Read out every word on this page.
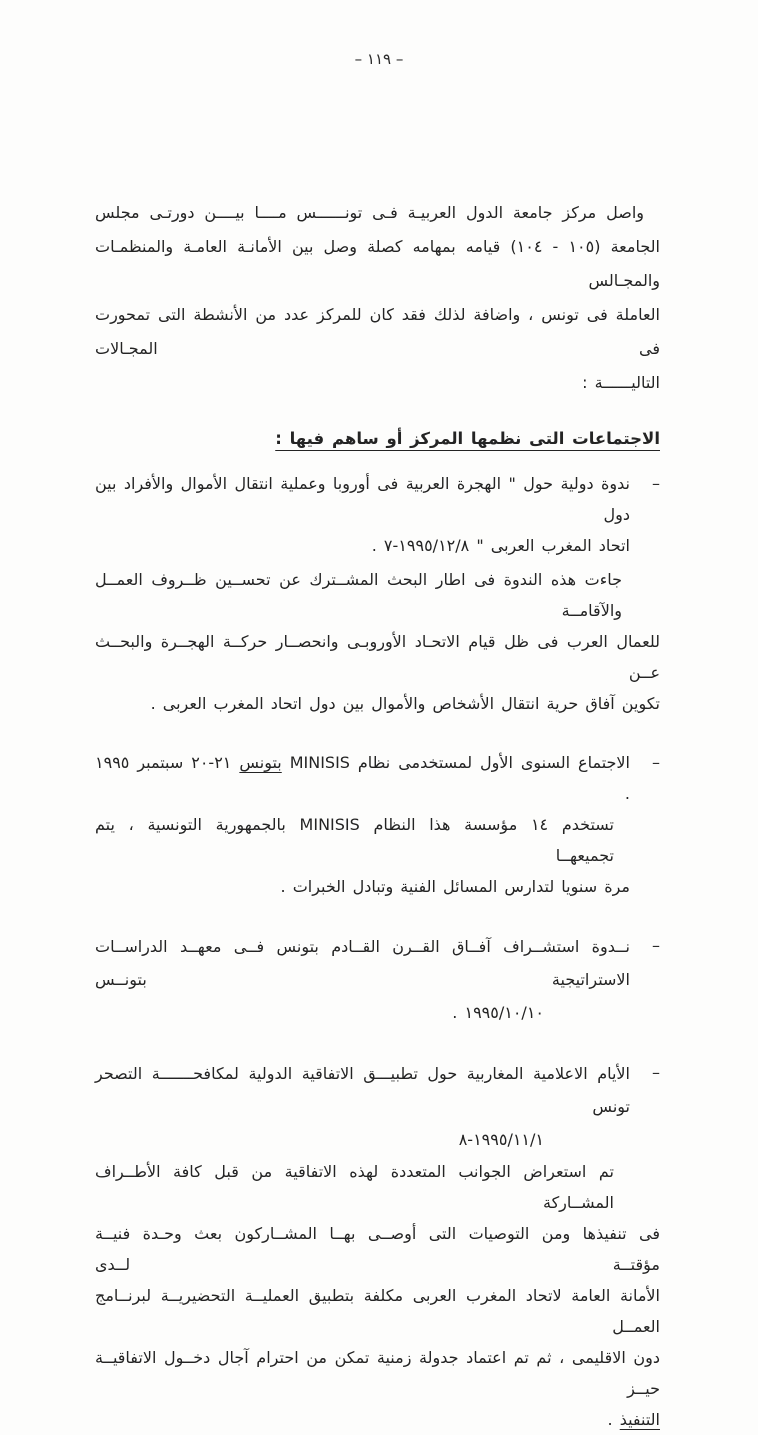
– ١١٩ –
واصل مركز جامعة الدول العربيـة فـى تونــــــس مــــا بيــــن دورتـى مجلس
الجامعة (١٠٥ - ١٠٤) قيامه بمهامه كصلة وصل بين الأمانـة العامـة والمنظمـات والمجـالس
العاملة فى تونس ، واضافة لذلك فقد كان للمركز عدد من الأنشطة التى تمحورت فى المجـالات
التاليــــــة :
الاجتماعات التى نظمها المركز أو ساهم فيها :
–
ندوة دولية حول " الهجرة العربية فى أوروبا وعملية انتقال الأموال والأفراد بين دول
اتحاد المغرب العربى " ١٩٩٥/١٢/٨-٧ .
جاءت هذه الندوة فى اطار البحث المشــترك عن تحســين ظــروف العمــل والآقامــة
للعمال العرب فى ظل قيام الاتحـاد الأوروبـى وانحصــار حركــة الهجــرة والبحــث عــن
تكوين آفاق حرية انتقال الأشخاص والأموال بين دول اتحاد المغرب العربى .
–
الاجتماع السنوى الأول لمستخدمى نظام MINISIS بتونس ٢١-٢٠ سبتمبر ١٩٩٥ .
تستخدم ١٤ مؤسسة هذا النظام MINISIS بالجمهورية التونسية ، يتم تجميعهــا
مرة سنويا لتدارس المسائل الفنية وتبادل الخبرات .
–
نــدوة استشــراف آفــاق القــرن القــادم بتونس فــى معهــد الدراســات الاستراتيجية بتونــس
١٩٩٥/١٠/١٠ .
–
الأيام الاعلامية المغاربية حول تطبيـــق الاتفاقية الدولية لمكافحـــــــة التصحر تونس
١٩٩٥/١١/١-٨
تم استعراض الجوانب المتعددة لهذه الاتفاقية من قبل كافة الأطــراف المشــاركة
فى تنفيذها ومن التوصيات التى أوصــى بهــا المشــاركون بعث وحـدة فنيــة مؤقتــة لــدى
الأمانة العامة لاتحاد المغرب العربى مكلفة بتطبيق العمليــة التحضيريــة لبرنــامج العمــل
دون الاقليمى ، ثم تم اعتماد جدولة زمنية تمكن من احترام آجال دخــول الاتفاقيــة حيــز
التنفيذ .
